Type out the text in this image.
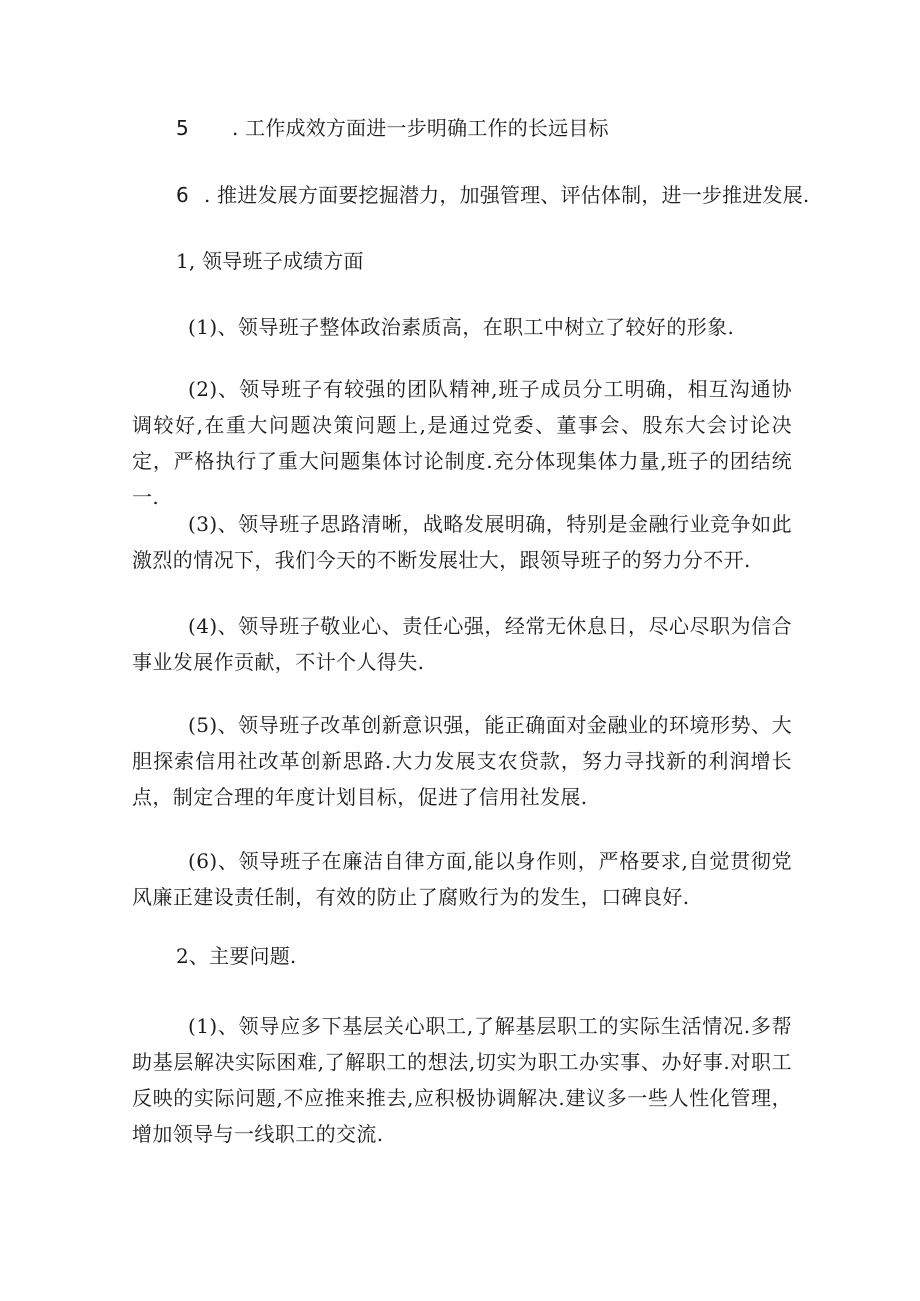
5 . 工作成效方面进一步明确工作的长远目标
6 . 推进发展方面要挖掘潜力，加强管理、评估体制，进一步推进发展.
1, 领导班子成绩方面
(1)、领导班子整体政治素质高，在职工中树立了较好的形象.
(2)、领导班子有较强的团队精神,班子成员分工明确，相互沟通协调较好,在重大问题决策问题上,是通过党委、董事会、股东大会讨论决定，严格执行了重大问题集体讨论制度.充分体现集体力量,班子的团结统一.
(3)、领导班子思路清晰，战略发展明确，特别是金融行业竞争如此激烈的情况下，我们今天的不断发展壮大，跟领导班子的努力分不开.
(4)、领导班子敬业心、责任心强，经常无休息日，尽心尽职为信合事业发展作贡献，不计个人得失.
(5)、领导班子改革创新意识强，能正确面对金融业的环境形势、大胆探索信用社改革创新思路.大力发展支农贷款，努力寻找新的利润增长点，制定合理的年度计划目标，促进了信用社发展.
(6)、领导班子在廉洁自律方面,能以身作则，严格要求,自觉贯彻党风廉正建设责任制，有效的防止了腐败行为的发生，口碑良好.
2、主要问题.
(1)、领导应多下基层关心职工,了解基层职工的实际生活情况.多帮助基层解决实际困难,了解职工的想法,切实为职工办实事、办好事.对职工反映的实际问题,不应推来推去,应积极协调解决.建议多一些人性化管理，增加领导与一线职工的交流.
